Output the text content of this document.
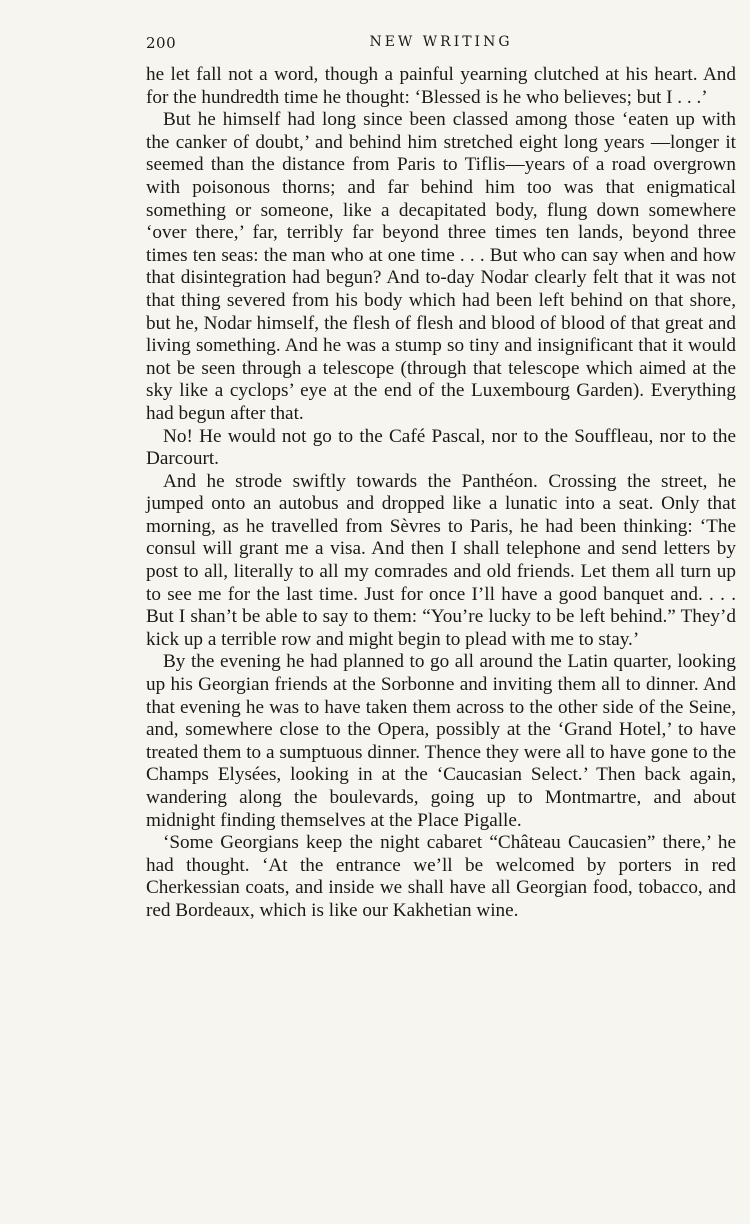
200	NEW WRITING

he let fall not a word, though a painful yearning clutched at his heart. And for the hundredth time he thought: ‘Blessed is he who believes; but I . . .’

But he himself had long since been classed among those ‘eaten up with the canker of doubt,’ and behind him stretched eight long years —longer it seemed than the distance from Paris to Tiflis—years of a road overgrown with poisonous thorns; and far behind him too was that enigmatical something or someone, like a decapitated body, flung down somewhere ‘over there,’ far, terribly far beyond three times ten lands, beyond three times ten seas: the man who at one time . . . But who can say when and how that disintegration had begun? And to-day Nodar clearly felt that it was not that thing severed from his body which had been left behind on that shore, but he, Nodar himself, the flesh of flesh and blood of blood of that great and living something. And he was a stump so tiny and insignificant that it would not be seen through a telescope (through that telescope which aimed at the sky like a cyclops’ eye at the end of the Luxembourg Garden). Everything had begun after that.

No! He would not go to the Café Pascal, nor to the Soufflеau, nor to the Darcourt.

And he strode swiftly towards the Panthéon. Crossing the street, he jumped onto an autobus and dropped like a lunatic into a seat. Only that morning, as he travelled from Sèvres to Paris, he had been thinking: ‘The consul will grant me a visa. And then I shall telephone and send letters by post to all, literally to all my comrades and old friends. Let them all turn up to see me for the last time. Just for once I’ll have a good banquet and. . . . But I shan’t be able to say to them: “You’re lucky to be left behind.” They’d kick up a terrible row and might begin to plead with me to stay.’

By the evening he had planned to go all around the Latin quarter, looking up his Georgian friends at the Sorbonne and inviting them all to dinner. And that evening he was to have taken them across to the other side of the Seine, and, somewhere close to the Opera, possibly at the ‘Grand Hotel,’ to have treated them to a sumptuous dinner. Thence they were all to have gone to the Champs Elysées, looking in at the ‘Caucasian Select.’ Then back again, wandering along the boulevards, going up to Montmartre, and about midnight finding themselves at the Place Pigalle.

‘Some Georgians keep the night cabaret “Château Caucasien” there,’ he had thought. ‘At the entrance we’ll be welcomed by porters in red Cherkessian coats, and inside we shall have all Georgian food, tobacco, and red Bordeaux, which is like our Kakhetian wine.
